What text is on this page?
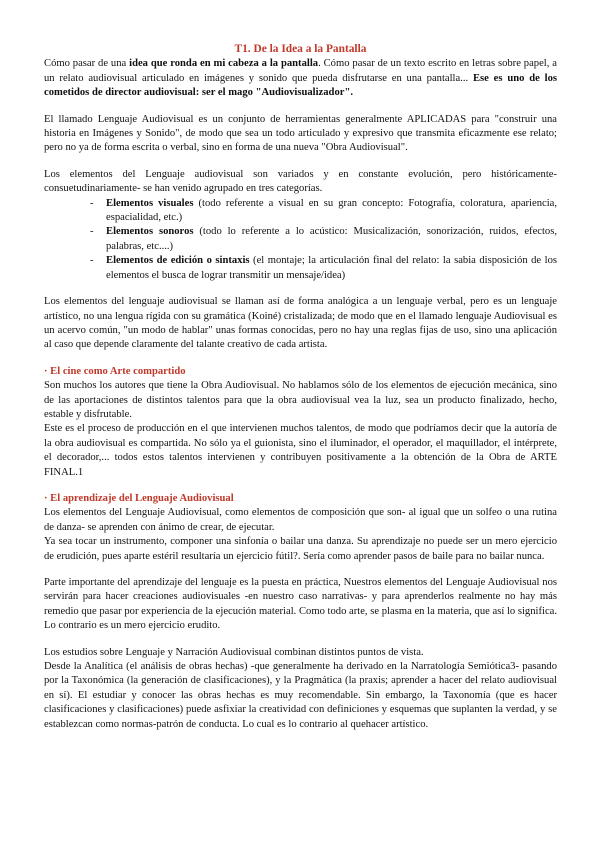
T1. De la Idea a la Pantalla

Cómo pasar de una idea que ronda en mi cabeza a la pantalla. Cómo pasar de un texto escrito en letras sobre papel, a un relato audiovisual articulado en imágenes y sonido que pueda disfrutarse en una pantalla... Ese es uno de los cometidos de director audiovisual: ser el mago "Audiovisualizador".

El llamado Lenguaje Audiovisual es un conjunto de herramientas generalmente APLICADAS para "construir una historia en Imágenes y Sonido", de modo que sea un todo articulado y expresivo que transmita eficazmente ese relato; pero no ya de forma escrita o verbal, sino en forma de una nueva "Obra Audiovisual".

Los elementos del Lenguaje audiovisual son variados y en constante evolución, pero históricamente-consuetudinariamente- se han venido agrupado en tres categorías.

- Elementos visuales (todo referente a visual en su gran concepto: Fotografía, coloratura, apariencia, espacialidad, etc.)
- Elementos sonoros (todo lo referente a lo acústico: Musicalización, sonorización, ruidos, efectos, palabras, etc....)
- Elementos de edición o sintaxis (el montaje; la articulación final del relato: la sabia disposición de los elementos el busca de lograr transmitir un mensaje/idea)

Los elementos del lenguaje audiovisual se llaman así de forma analógica a un lenguaje verbal, pero es un lenguaje artístico, no una lengua rígida con su gramática (Koiné) cristalizada; de modo que en el llamado lenguaje Audiovisual es un acervo común, "un modo de hablar" unas formas conocidas, pero no hay una reglas fijas de uso, sino una aplicación al caso que depende claramente del talante creativo de cada artista.

· El cine como Arte compartido

Son muchos los autores que tiene la Obra Audiovisual. No hablamos sólo de los elementos de ejecución mecánica, sino de las aportaciones de distintos talentos para que la obra audiovisual vea la luz, sea un producto finalizado, hecho, estable y disfrutable.

Este es el proceso de producción en el que intervienen muchos talentos, de modo que podríamos decir que la autoría de la obra audiovisual es compartida. No sólo ya el guionista, sino el iluminador, el operador, el maquillador, el intérprete, el decorador,... todos estos talentos intervienen y contribuyen positivamente a la obtención de la Obra de ARTE FINAL.1

· El aprendizaje del Lenguaje Audiovisual

Los elementos del Lenguaje Audiovisual, como elementos de composición que son- al igual que un solfeo o una rutina de danza- se aprenden con ánimo de crear, de ejecutar.

Ya sea tocar un instrumento, componer una sinfonía o bailar una danza. Su aprendizaje no puede ser un mero ejercicio de erudición, pues aparte estéril resultaría un ejercicio fútil?. Sería como aprender pasos de baile para no bailar nunca.

Parte importante del aprendizaje del lenguaje es la puesta en práctica, Nuestros elementos del Lenguaje Audiovisual nos servirán para hacer creaciones audiovisuales -en nuestro caso narrativas- y para aprenderlos realmente no hay más remedio que pasar por experiencia de la ejecución material. Como todo arte, se plasma en la materia, que así lo significa. Lo contrario es un mero ejercicio erudito.

Los estudios sobre Lenguaje y Narración Audiovisual combinan distintos puntos de vista.

Desde la Analítica (el análisis de obras hechas) -que generalmente ha derivado en la Narratología Semiótica3- pasando por la Taxonómica (la generación de clasificaciones), y la Pragmática (la praxis; aprender a hacer del relato audiovisual en sí). El estudiar y conocer las obras hechas es muy recomendable. Sin embargo, la Taxonomía (que es hacer clasificaciones y clasificaciones) puede asfixiar la creatividad con definiciones y esquemas que suplanten la verdad, y se establezcan como normas-patrón de conducta. Lo cual es lo contrario al quehacer artístico.
